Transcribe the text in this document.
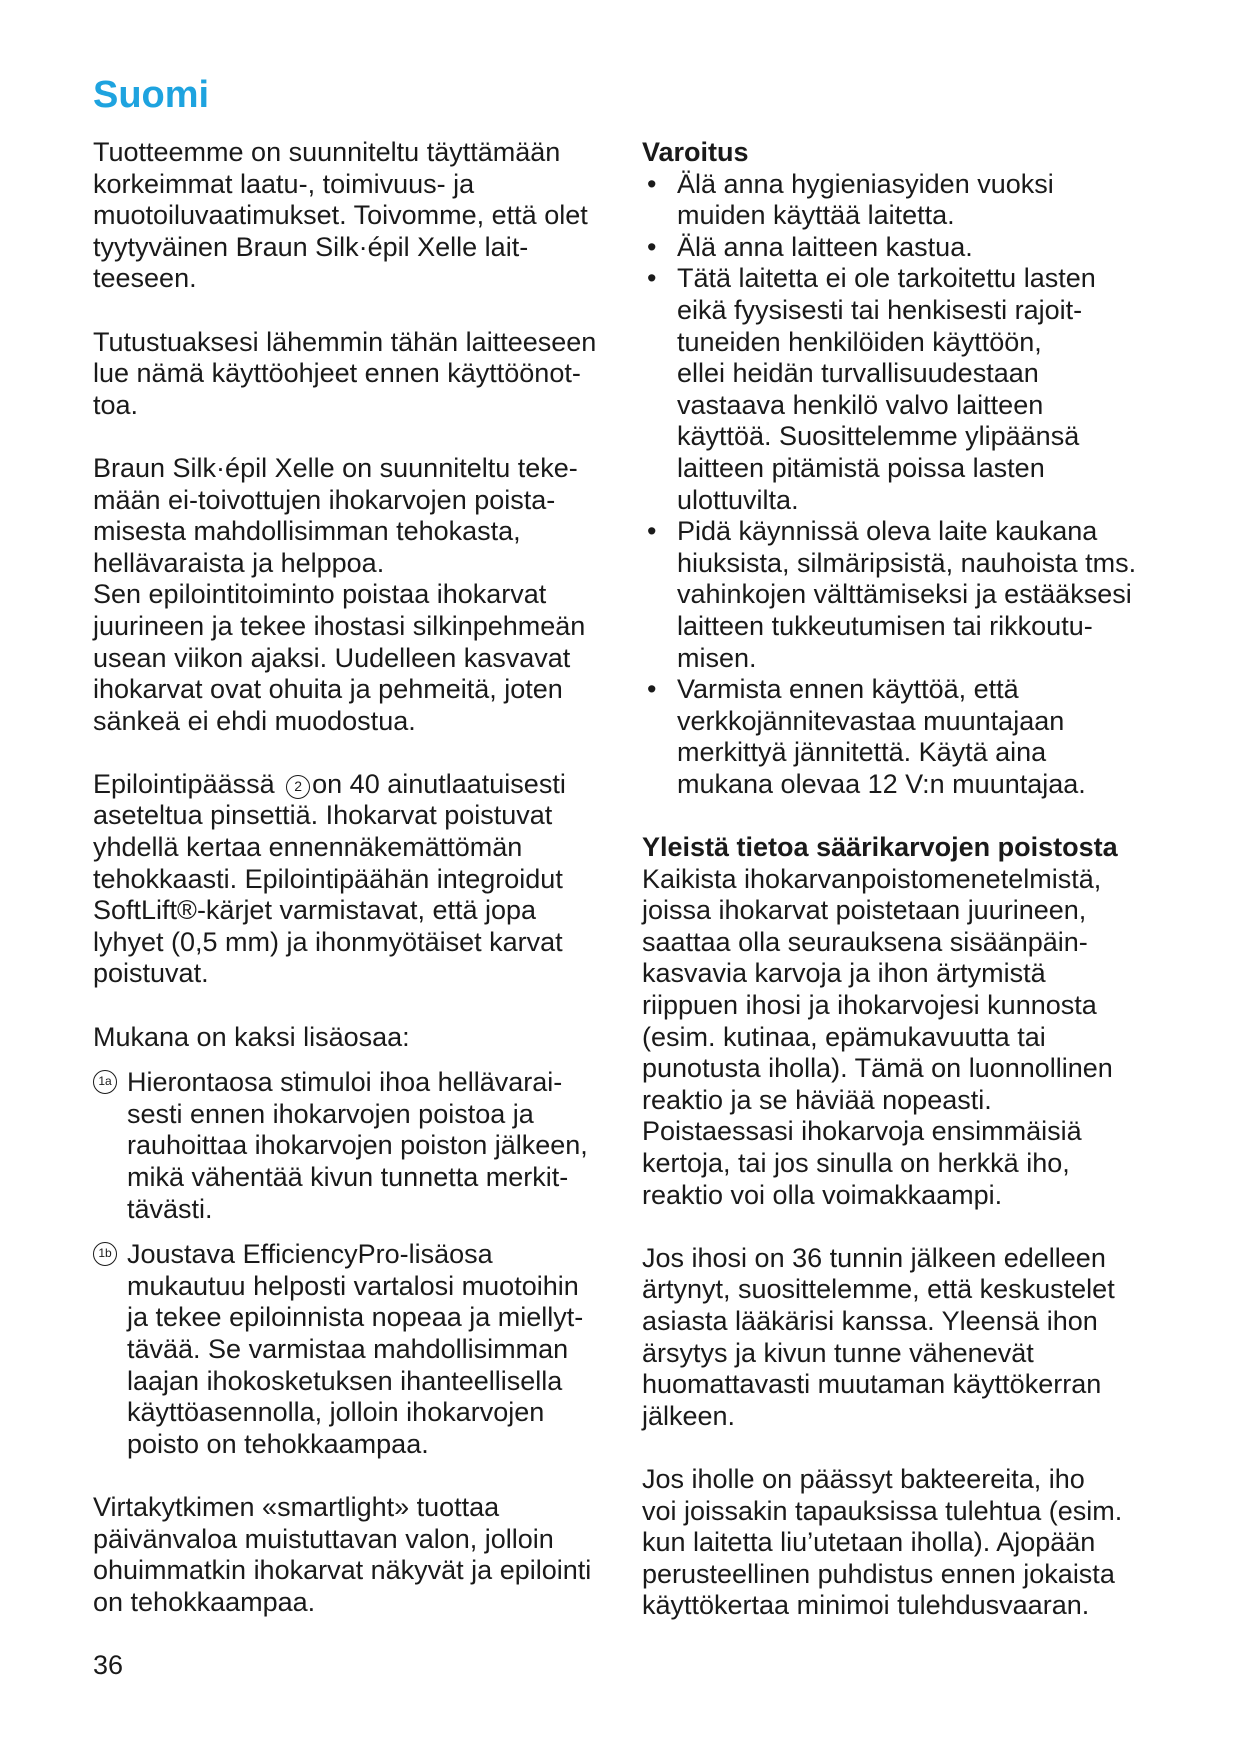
Suomi

Tuotteemme on suunniteltu täyttämään
korkeimmat laatu-, toimivuus- ja
muotoiluvaatimukset. Toivomme, että olet
tyytyväinen Braun Silk·épil Xelle lait-
teeseen.

Tutustuaksesi lähemmin tähän laitteeseen
lue nämä käyttöohjeet ennen käyttöönot-
toa.

Braun Silk·épil Xelle on suunniteltu teke-
mään ei-toivottujen ihokarvojen poista-
misesta mahdollisimman tehokasta,
hellävaraista ja helppoa.
Sen epilointitoiminto poistaa ihokarvat
juurineen ja tekee ihostasi silkinpehmeän
usean viikon ajaksi. Uudelleen kasvavat
ihokarvat ovat ohuita ja pehmeitä, joten
sänkeä ei ehdi muodostua.

Epilointipäässä 2 on 40 ainutlaatuisesti
aseteltua pinsettiä. Ihokarvat poistuvat
yhdellä kertaa ennennäkemättömän
tehokkaasti. Epilointipäähän integroidut
SoftLift®-kärjet varmistavat, että jopa
lyhyet (0,5 mm) ja ihonmyötäiset karvat
poistuvat.

Mukana on kaksi lisäosaa:

1a Hierontaosa stimuloi ihoa hellävarai-
sesti ennen ihokarvojen poistoa ja
rauhoittaa ihokarvojen poiston jälkeen,
mikä vähentää kivun tunnetta merkit-
tävästi.
1b Joustava EfficiencyPro-lisäosa
mukautuu helposti vartalosi muotoihin
ja tekee epiloinnista nopeaa ja miellyt-
tävää. Se varmistaa mahdollisimman
laajan ihokosketuksen ihanteellisella
käyttöasennolla, jolloin ihokarvojen
poisto on tehokkaampaa.

Virtakytkimen «smartlight» tuottaa
päivänvaloa muistuttavan valon, jolloin
ohuimmatkin ihokarvat näkyvät ja epilointi
on tehokkaampaa.

Varoitus

• Älä anna hygieniasyiden vuoksi
muiden käyttää laitetta.
• Älä anna laitteen kastua.
• Tätä laitetta ei ole tarkoitettu lasten
eikä fyysisesti tai henkisesti rajoit-
tuneiden henkilöiden käyttöön,
ellei heidän turvallisuudestaan
vastaava henkilö valvo laitteen
käyttöä. Suosittelemme ylipäänsä
laitteen pitämistä poissa lasten
ulottuvilta.
• Pidä käynnissä oleva laite kaukana
hiuksista, silmäripsistä, nauhoista tms.
vahinkojen välttämiseksi ja estääksesi
laitteen tukkeutumisen tai rikkoutu-
misen.
• Varmista ennen käyttöä, että
verkkojännitevastaa muuntajaan
merkittyä jännitettä. Käytä aina
mukana olevaa 12 V:n muuntajaa.

Yleistä tietoa säärikarvojen poistosta

Kaikista ihokarvanpoistomenetelmistä,
joissa ihokarvat poistetaan juurineen,
saattaa olla seurauksena sisäänpäin-
kasvavia karvoja ja ihon ärtymistä
riippuen ihosi ja ihokarvojesi kunnosta
(esim. kutinaa, epämukavuutta tai
punotusta iholla). Tämä on luonnollinen
reaktio ja se häviää nopeasti.
Poistaessasi ihokarvoja ensimmäisiä
kertoja, tai jos sinulla on herkkä iho,
reaktio voi olla voimakkaampi.

Jos ihosi on 36 tunnin jälkeen edelleen
ärtynyt, suosittelemme, että keskustelet
asiasta lääkärisi kanssa. Yleensä ihon
ärsytys ja kivun tunne vähenevät
huomattavasti muutaman käyttökerran
jälkeen.

Jos iholle on päässyt bakteereita, iho
voi joissakin tapauksissa tulehtua (esim.
kun laitetta liu’utetaan iholla). Ajopään
perusteellinen puhdistus ennen jokaista
käyttökertaa minimoi tulehdusvaaran.

36
